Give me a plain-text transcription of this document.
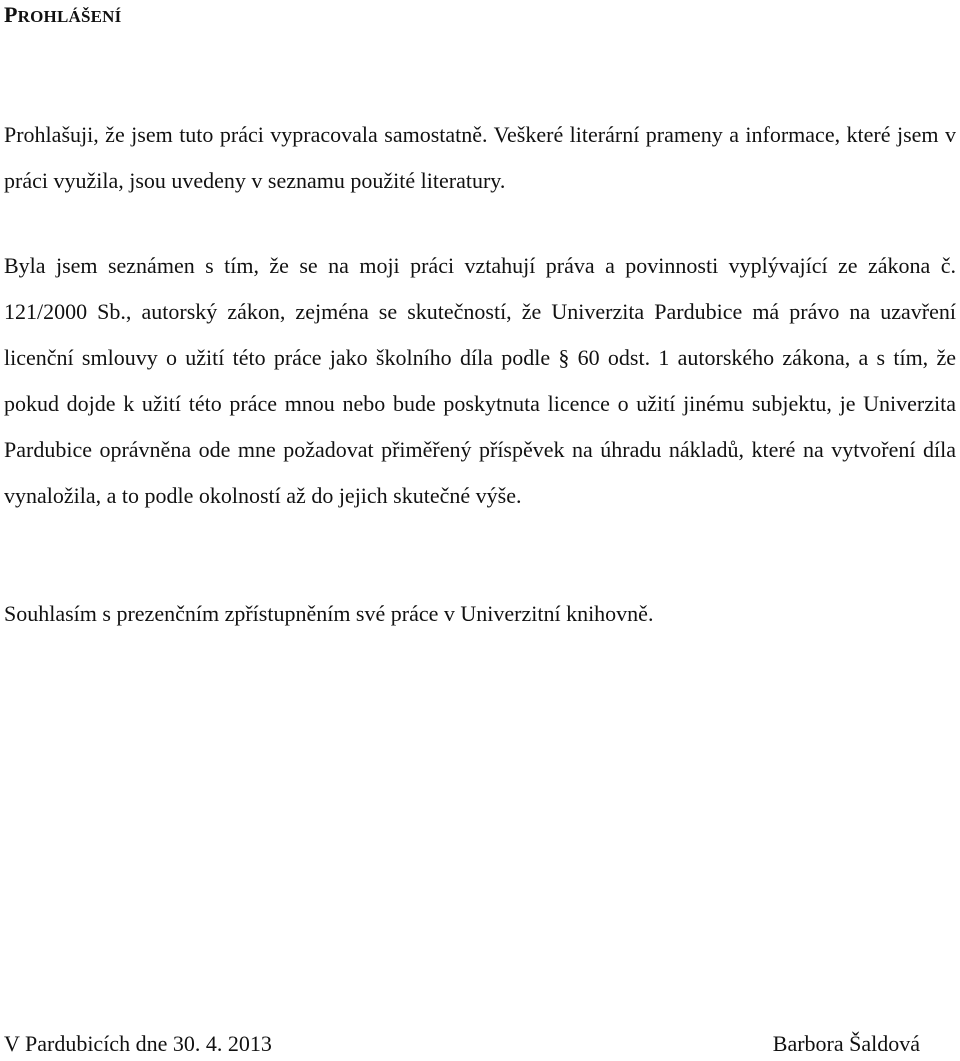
PROHLÁŠENÍ

Prohlašuji, že jsem tuto práci vypracovala samostatně. Veškeré literární prameny a informace, které jsem v práci využila, jsou uvedeny v seznamu použité literatury.

Byla jsem seznámen s tím, že se na moji práci vztahují práva a povinnosti vyplývající ze zákona č. 121/2000 Sb., autorský zákon, zejména se skutečností, že Univerzita Pardubice má právo na uzavření licenční smlouvy o užití této práce jako školního díla podle § 60 odst. 1 autorského zákona, a s tím, že pokud dojde k užití této práce mnou nebo bude poskytnuta licence o užití jinému subjektu, je Univerzita Pardubice oprávněna ode mne požadovat přiměřený příspěvek na úhradu nákladů, které na vytvoření díla vynaložila, a to podle okolností až do jejich skutečné výše.

Souhlasím s prezenčním zpřístupněním své práce v Univerzitní knihovně.

V Pardubicích dne 30. 4. 2013	Barbora Šaldová
